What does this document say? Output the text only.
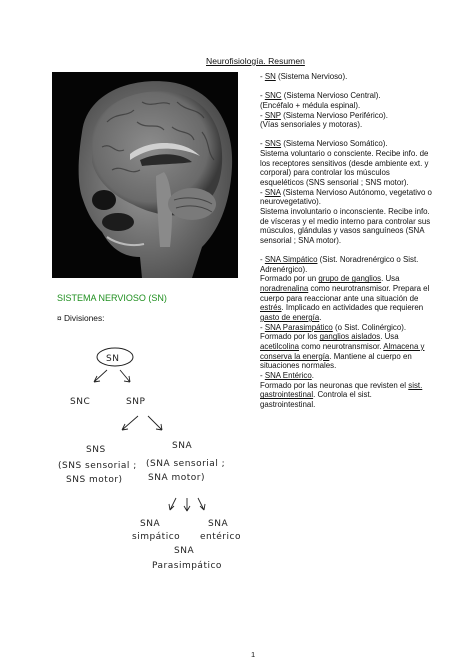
Neurofisiología. Resumen
SISTEMA NERVIOSO (SN)
¤ Divisiones:
SN
SNC	SNP
SNS	SNA
(SNS sensorial ;
SNS motor)
(SNA sensorial ;
SNA motor)
SNA
simpático
SNA
entérico
SNA
Parasimpático
- SN (Sistema Nervioso).
- SNC (Sistema Nervioso Central).
(Encéfalo + médula espinal).
- SNP (Sistema Nervioso Periférico).
(Vías sensoriales y motoras).
- SNS (Sistema Nervioso Somático).
Sistema voluntario o consciente. Recibe info. de
los receptores sensitivos (desde ambiente ext. y
corporal) para controlar los músculos
esqueléticos (SNS sensorial ; SNS motor).
- SNA (Sistema Nervioso Autónomo, vegetativo o
neurovegetativo).
Sistema involuntario o inconsciente. Recibe info.
de vísceras y el medio interno para controlar sus
músculos, glándulas y vasos sanguíneos (SNA
sensorial ; SNA motor).
- SNA Simpático (Sist. Noradrenérgico o Sist.
Adrenérgico).
Formado por un grupo de ganglios. Usa
noradrenalina como neurotransmisor. Prepara el
cuerpo para reaccionar ante una situación de
estrés. Implicado en actividades que requieren
gasto de energía.
- SNA Parasimpático (o Sist. Colinérgico).
Formado por los ganglios aislados. Usa
acetilcolina como neurotransmisor. Almacena y
conserva la energía. Mantiene al cuerpo en
situaciones normales.
- SNA Entérico.
Formado por las neuronas que revisten el sist.
gastrointestinal. Controla el sist.
gastrointestinal.
1
